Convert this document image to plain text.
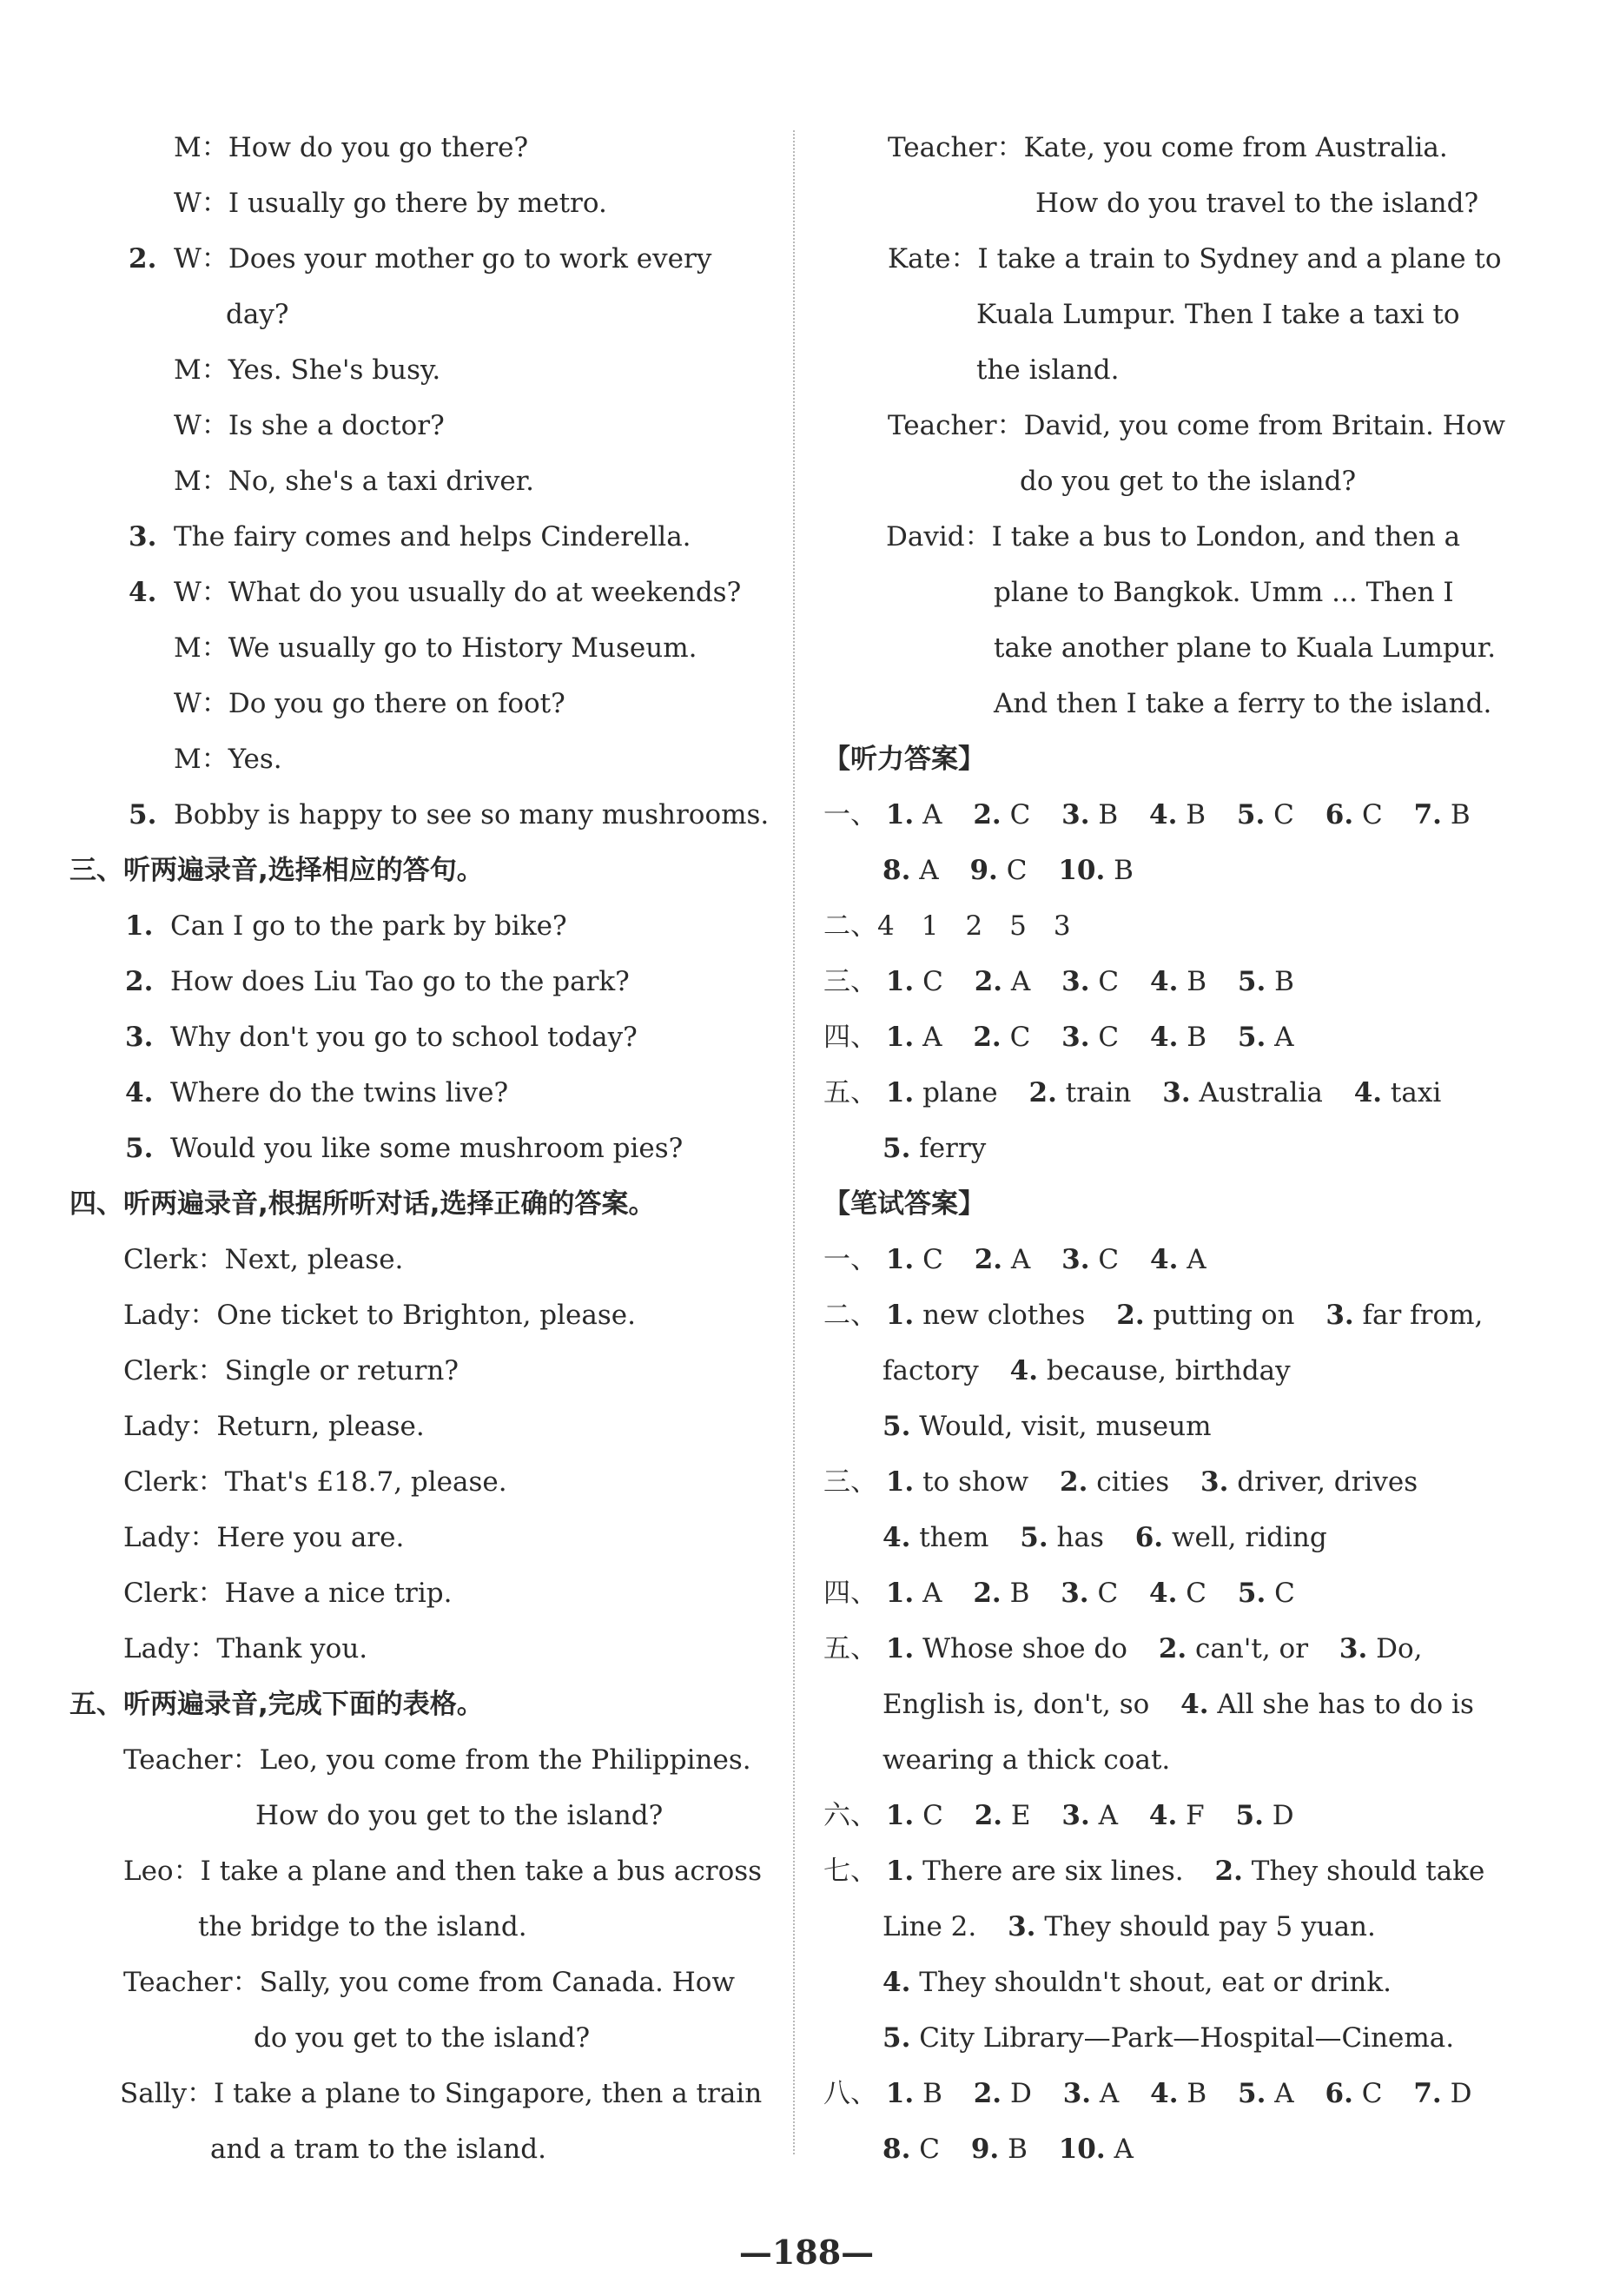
M：How do you go there?
W：I usually go there by metro.
2. W：Does your mother go to work every
day?
M：Yes. She's busy.
W：Is she a doctor?
M：No, she's a taxi driver.
3. The fairy comes and helps Cinderella.
4. W：What do you usually do at weekends?
M：We usually go to History Museum.
W：Do you go there on foot?
M：Yes.
5. Bobby is happy to see so many mushrooms.
三、听两遍录音,选择相应的答句。
1. Can I go to the park by bike?
2. How does Liu Tao go to the park?
3. Why don't you go to school today?
4. Where do the twins live?
5. Would you like some mushroom pies?
四、听两遍录音,根据所听对话,选择正确的答案。
Clerk：Next, please.
Lady：One ticket to Brighton, please.
Clerk：Single or return?
Lady：Return, please.
Clerk：That's £18.7, please.
Lady：Here you are.
Clerk：Have a nice trip.
Lady：Thank you.
五、听两遍录音,完成下面的表格。
Teacher：Leo, you come from the Philippines.
How do you get to the island?
Leo：I take a plane and then take a bus across
the bridge to the island.
Teacher：Sally, you come from Canada. How
do you get to the island?
Sally：I take a plane to Singapore, then a train
and a tram to the island.
Teacher：Kate, you come from Australia.
How do you travel to the island?
Kate：I take a train to Sydney and a plane to
Kuala Lumpur. Then I take a taxi to
the island.
Teacher：David, you come from Britain. How
do you get to the island?
David：I take a bus to London, and then a
plane to Bangkok. Umm ... Then I
take another plane to Kuala Lumpur.
And then I take a ferry to the island.
【听力答案】
一、 1. A 2. C 3. B 4. B 5. C 6. C 7. B
8. A 9. C 10. B
二、4　1　2　5　3
三、 1. C 2. A 3. C 4. B 5. B
四、 1. A 2. C 3. C 4. B 5. A
五、 1. plane 2. train 3. Australia 4. taxi
5. ferry
【笔试答案】
一、 1. C 2. A 3. C 4. A
二、 1. new clothes 2. putting on 3. far from,
factory 4. because, birthday
5. Would, visit, museum
三、 1. to show 2. cities 3. driver, drives
4. them 5. has 6. well, riding
四、 1. A 2. B 3. C 4. C 5. C
五、 1. Whose shoe do 2. can't, or 3. Do,
English is, don't, so 4. All she has to do is
wearing a thick coat.
六、 1. C 2. E 3. A 4. F 5. D
七、 1. There are six lines. 2. They should take
Line 2. 3. They should pay 5 yuan.
4. They shouldn't shout, eat or drink.
5. City Library—Park—Hospital—Cinema.
八、 1. B 2. D 3. A 4. B 5. A 6. C 7. D
8. C 9. B 10. A
—188—
